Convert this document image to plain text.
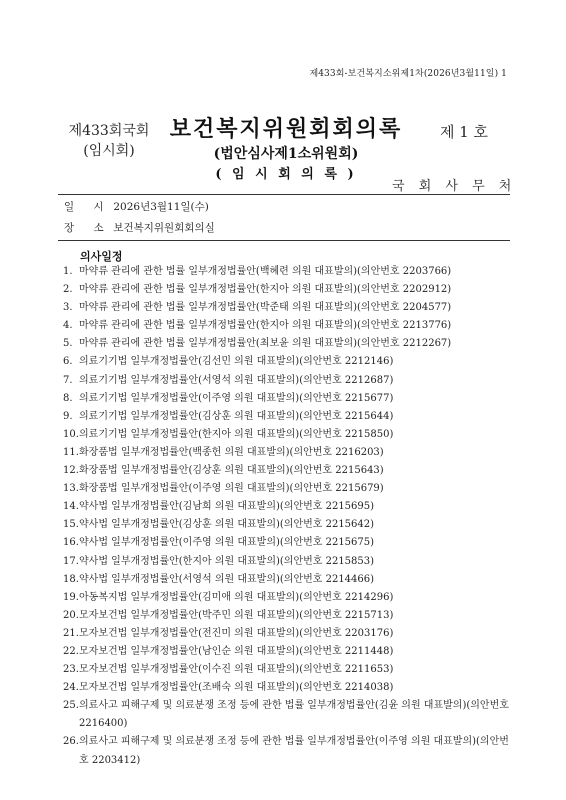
제433회-보건복지소위제1차(2026년3월11일) 1
제433회국회
(임시회)
보건복지위원회회의록
(법안심사제1소위원회)
( 임 시 회 의 록 )
제 1 호
국 회 사 무 처
일 시 2026년3월11일(수)
장 소 보건복지위원회회의실
의사일정
1. 마약류 관리에 관한 법률 일부개정법률안(백혜련 의원 대표발의)(의안번호 2203766)
2. 마약류 관리에 관한 법률 일부개정법률안(한지아 의원 대표발의)(의안번호 2202912)
3. 마약류 관리에 관한 법률 일부개정법률안(박준태 의원 대표발의)(의안번호 2204577)
4. 마약류 관리에 관한 법률 일부개정법률안(한지아 의원 대표발의)(의안번호 2213776)
5. 마약류 관리에 관한 법률 일부개정법률안(최보윤 의원 대표발의)(의안번호 2212267)
6. 의료기기법 일부개정법률안(김선민 의원 대표발의)(의안번호 2212146)
7. 의료기기법 일부개정법률안(서영석 의원 대표발의)(의안번호 2212687)
8. 의료기기법 일부개정법률안(이주영 의원 대표발의)(의안번호 2215677)
9. 의료기기법 일부개정법률안(김상훈 의원 대표발의)(의안번호 2215644)
10. 의료기기법 일부개정법률안(한지아 의원 대표발의)(의안번호 2215850)
11. 화장품법 일부개정법률안(백종헌 의원 대표발의)(의안번호 2216203)
12. 화장품법 일부개정법률안(김상훈 의원 대표발의)(의안번호 2215643)
13. 화장품법 일부개정법률안(이주영 의원 대표발의)(의안번호 2215679)
14. 약사법 일부개정법률안(김남희 의원 대표발의)(의안번호 2215695)
15. 약사법 일부개정법률안(김상훈 의원 대표발의)(의안번호 2215642)
16. 약사법 일부개정법률안(이주영 의원 대표발의)(의안번호 2215675)
17. 약사법 일부개정법률안(한지아 의원 대표발의)(의안번호 2215853)
18. 약사법 일부개정법률안(서영석 의원 대표발의)(의안번호 2214466)
19. 아동복지법 일부개정법률안(김미애 의원 대표발의)(의안번호 2214296)
20. 모자보건법 일부개정법률안(박주민 의원 대표발의)(의안번호 2215713)
21. 모자보건법 일부개정법률안(전진미 의원 대표발의)(의안번호 2203176)
22. 모자보건법 일부개정법률안(남인순 의원 대표발의)(의안번호 2211448)
23. 모자보건법 일부개정법률안(이수진 의원 대표발의)(의안번호 2211653)
24. 모자보건법 일부개정법률안(조배숙 의원 대표발의)(의안번호 2214038)
25. 의료사고 피해구제 및 의료분쟁 조정 등에 관한 법률 일부개정법률안(김윤 의원 대표발의)(의안번호 2216400)
26. 의료사고 피해구제 및 의료분쟁 조정 등에 관한 법률 일부개정법률안(이주영 의원 대표발의)(의안번호 2203412)
